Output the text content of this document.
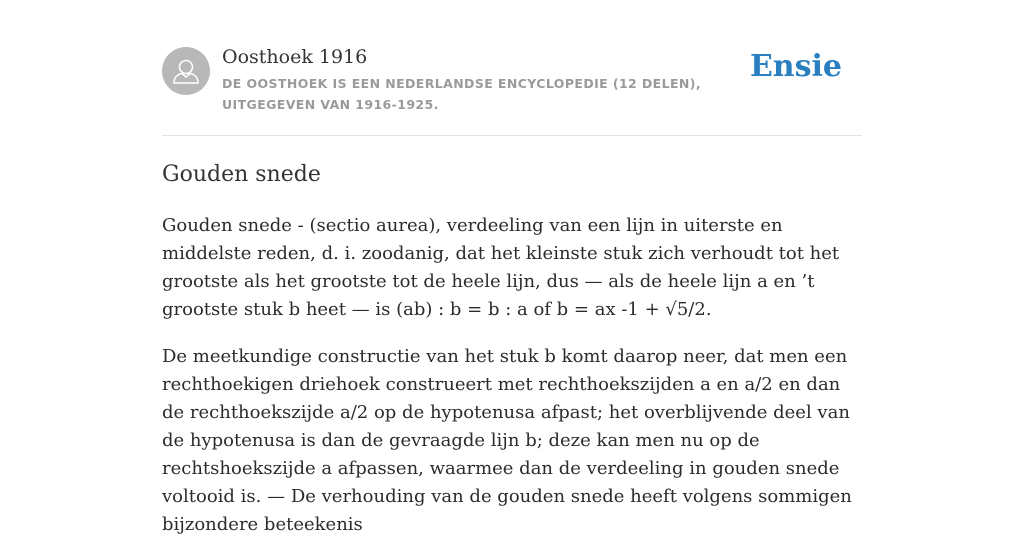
Oosthoek 1916
DE OOSTHOEK IS EEN NEDERLANDSE ENCYCLOPEDIE (12 DELEN), UITGEGEVEN VAN 1916-1925.
Ensie
Gouden snede

Gouden snede - (sectio aurea), verdeeling van een lijn in uiterste en middelste reden, d. i. zoodanig, dat het kleinste stuk zich verhoudt tot het grootste als het grootste tot de heele lijn, dus — als de heele lijn a en ’t grootste stuk b heet — is (ab) : b = b : a of b = ax -1 + √5/2.

De meetkundige constructie van het stuk b komt daarop neer, dat men een rechthoekigen driehoek construeert met rechthoekszijden a en a/2 en dan de rechthoekszijde a/2 op de hypotenusa afpast; het overblijvende deel van de hypotenusa is dan de gevraagde lijn b; deze kan men nu op de rechtshoekszijde a afpassen, waarmee dan de verdeeling in gouden snede voltooid is. — De verhouding van de gouden snede heeft volgens sommigen bijzondere beteekenis
